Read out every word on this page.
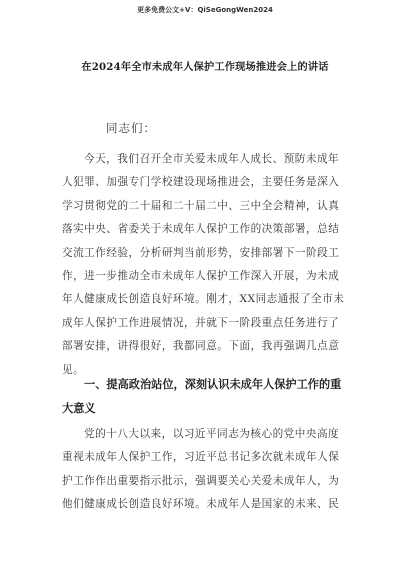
更多免费公文+V：QiSeGongWen2024
在2024年全市未成年人保护工作现场推进会上的讲话
同志们：

今天，我们召开全市关爱未成年人成长、预防未成年

人犯罪、加强专门学校建设现场推进会，主要任务是深入

学习贯彻党的二十届和二十届二中、三中全会精神，认真

落实中央、省委关于未成年人保护工作的决策部署，总结

交流工作经验，分析研判当前形势，安排部署下一阶段工

作，进一步推动全市未成年人保护工作深入开展，为未成

年人健康成长创造良好环境。刚才，XX同志通报了全市未

成年人保护工作进展情况，并就下一阶段重点任务进行了

部署安排，讲得很好，我都同意。下面，我再强调几点意

见。

一、提高政治站位，深刻认识未成年人保护工作的重

大意义

党的十八大以来，以习近平同志为核心的党中央高度

重视未成年人保护工作，习近平总书记多次就未成年人保

护工作作出重要指示批示，强调要关心关爱未成年人，为

他们健康成长创造良好环境。未成年人是国家的未来、民
